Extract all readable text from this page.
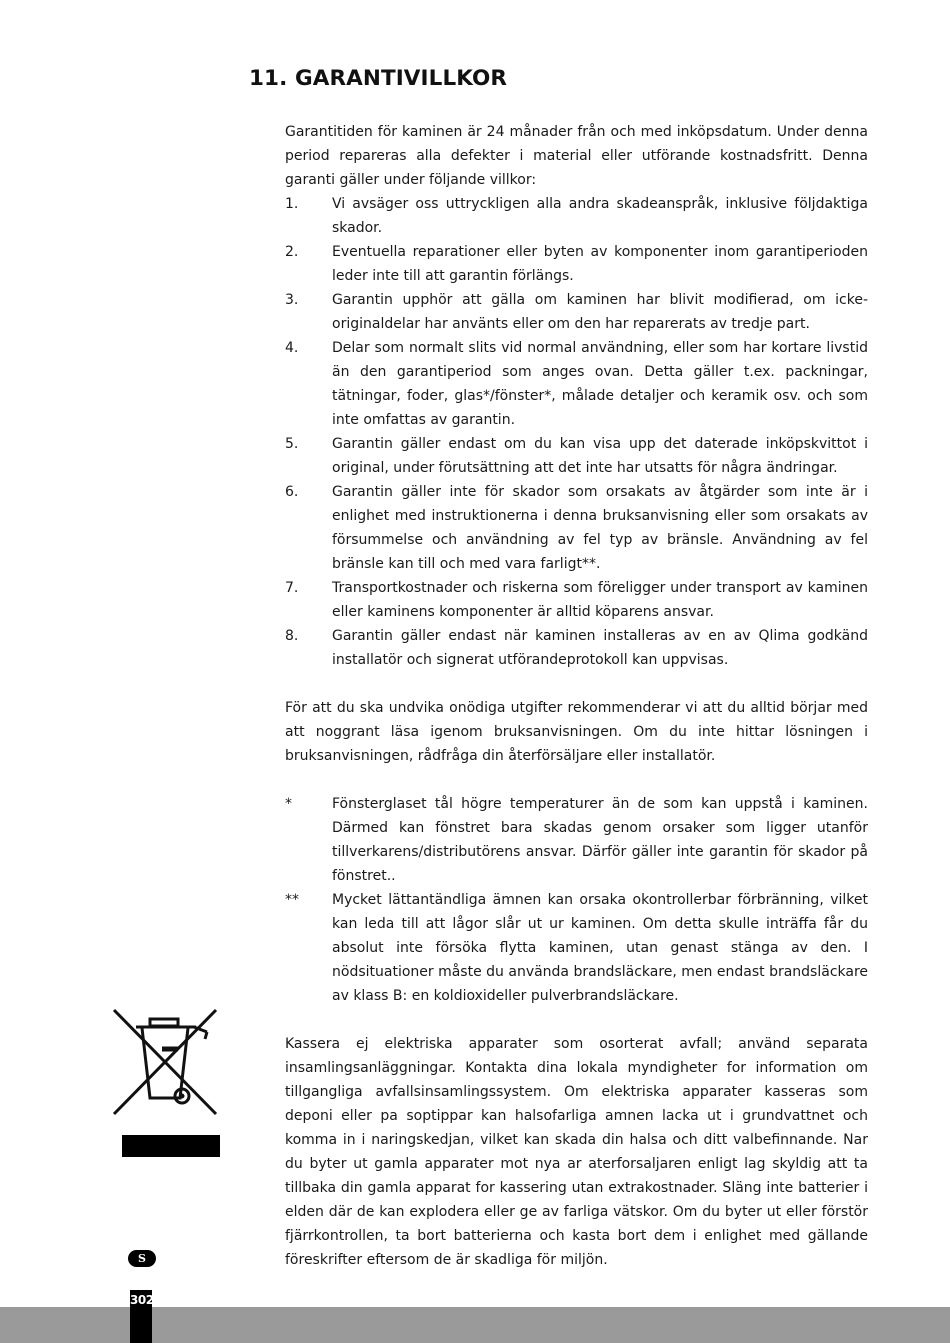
11. GARANTIVILLKOR

Garantitiden för kaminen är 24 månader från och med inköpsdatum. Under denna period repareras alla defekter i material eller utförande kostnadsfritt. Denna garanti gäller under följande villkor:

1.	Vi avsäger oss uttryckligen alla andra skadeanspråk, inklusive följdaktiga skador.
2.	Eventuella reparationer eller byten av komponenter inom garantiperioden leder inte till att garantin förlängs.
3.	Garantin upphör att gälla om kaminen har blivit modifierad, om icke-originaldelar har använts eller om den har reparerats av tredje part.
4.	Delar som normalt slits vid normal användning, eller som har kortare livstid än den garantiperiod som anges ovan. Detta gäller t.ex. packningar, tätningar, foder, glas*/fönster*, målade detaljer och keramik osv. och som inte omfattas av garantin.
5.	Garantin gäller endast om du kan visa upp det daterade inköpskvittot i original, under förutsättning att det inte har utsatts för några ändringar.
6.	Garantin gäller inte för skador som orsakats av åtgärder som inte är i enlighet med instruktionerna i denna bruksanvisning eller som orsakats av försummelse och användning av fel typ av bränsle. Användning av fel bränsle kan till och med vara farligt**.
7.	Transportkostnader och riskerna som föreligger under transport av kaminen eller kaminens komponenter är alltid köparens ansvar.
8.	Garantin gäller endast när kaminen installeras av en av Qlima godkänd installatör och signerat utförandeprotokoll kan uppvisas.

För att du ska undvika onödiga utgifter rekommenderar vi att du alltid börjar med att noggrant läsa igenom bruksanvisningen. Om du inte hittar lösningen i bruksanvisningen, rådfråga din återförsäljare eller installatör.

*	Fönsterglaset tål högre temperaturer än de som kan uppstå i kaminen. Därmed kan fönstret bara skadas genom orsaker som ligger utanför tillverkarens/distributörens ansvar. Därför gäller inte garantin för skador på fönstret..
**	Mycket lättantändliga ämnen kan orsaka okontrollerbar förbränning, vilket kan leda till att lågor slår ut ur kaminen. Om detta skulle inträffa får du absolut inte försöka flytta kaminen, utan genast stänga av den. I nödsituationer måste du använda brandsläckare, men endast brandsläckare av klass B: en koldioxideller pulverbrandsläckare.

Kassera ej elektriska apparater som osorterat avfall; använd separata insamlingsanläggningar. Kontakta dina lokala myndigheter for information om tillgangliga avfallsinsamlingssystem. Om elektriska apparater kasseras som deponi eller pa soptippar kan halsofarliga amnen lacka ut i grundvattnet och komma in i naringskedjan, vilket kan skada din halsa och ditt valbefinnande. Nar du byter ut gamla apparater mot nya ar aterforsaljaren enligt lag skyldig att ta tillbaka din gamla apparat for kassering utan extrakostnader. Släng inte batterier i elden där de kan explodera eller ge av farliga vätskor. Om du byter ut eller förstör fjärrkontrollen, ta bort batterierna och kasta bort dem i enlighet med gällande föreskrifter eftersom de är skadliga för miljön.

S
302
